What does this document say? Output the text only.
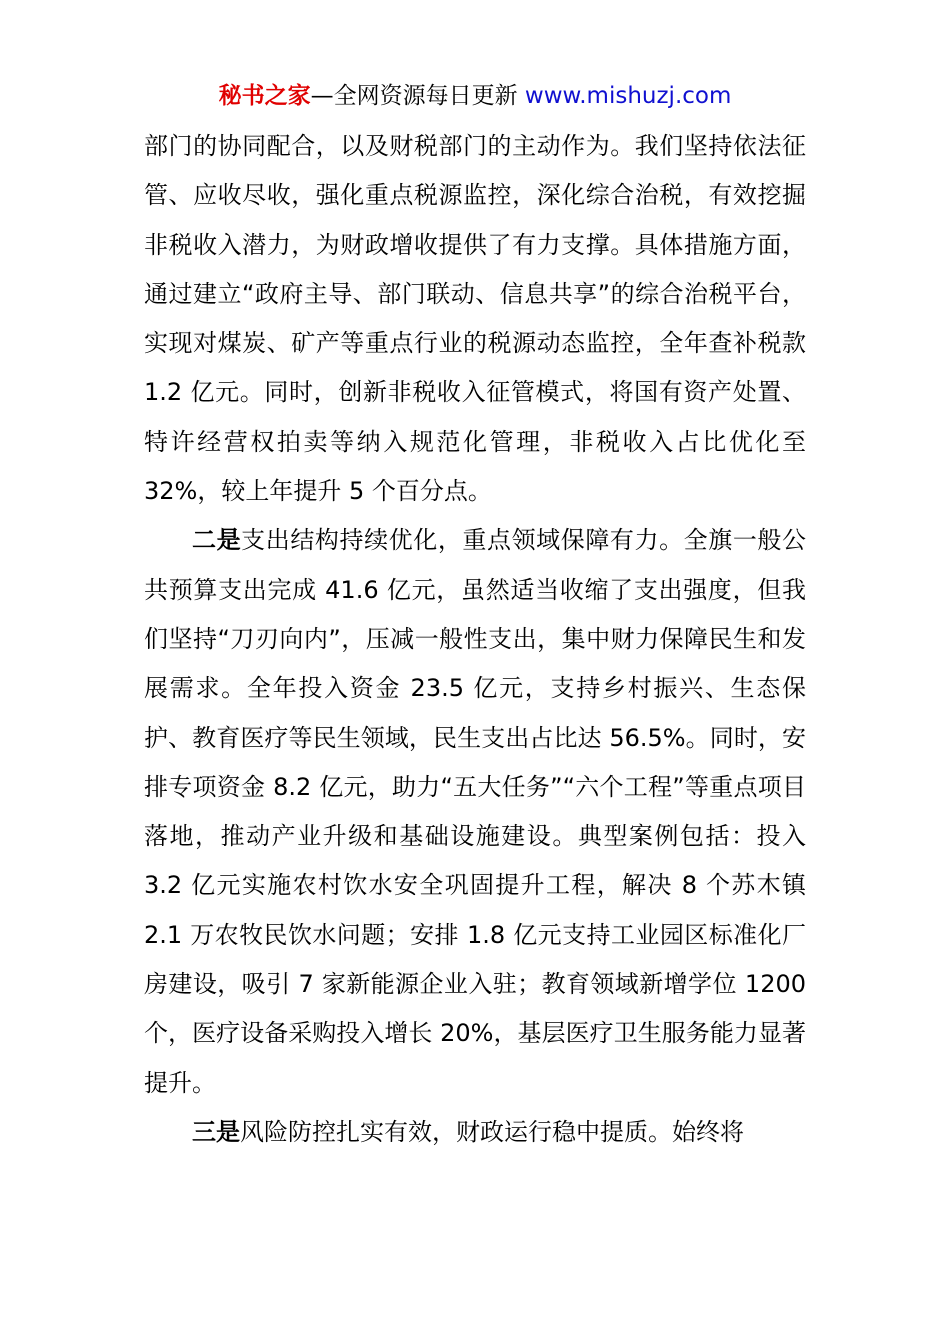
秘书之家—全网资源每日更新 www.mishuzj.com

部门的协同配合，以及财税部门的主动作为。我们坚持依法征管、应收尽收，强化重点税源监控，深化综合治税，有效挖掘非税收入潜力，为财政增收提供了有力支撑。具体措施方面，通过建立“政府主导、部门联动、信息共享”的综合治税平台，实现对煤炭、矿产等重点行业的税源动态监控，全年查补税款 1.2 亿元。同时，创新非税收入征管模式，将国有资产处置、特许经营权拍卖等纳入规范化管理，非税收入占比优化至 32%，较上年提升 5 个百分点。

二是支出结构持续优化，重点领域保障有力。全旗一般公共预算支出完成 41.6 亿元，虽然适当收缩了支出强度，但我们坚持“刀刃向内”，压减一般性支出，集中财力保障民生和发展需求。全年投入资金 23.5 亿元，支持乡村振兴、生态保护、教育医疗等民生领域，民生支出占比达 56.5%。同时，安排专项资金 8.2 亿元，助力“五大任务”“六个工程”等重点项目落地，推动产业升级和基础设施建设。典型案例包括：投入 3.2 亿元实施农村饮水安全巩固提升工程，解决 8 个苏木镇 2.1 万农牧民饮水问题；安排 1.8 亿元支持工业园区标准化厂房建设，吸引 7 家新能源企业入驻；教育领域新增学位 1200 个，医疗设备采购投入增长 20%，基层医疗卫生服务能力显著提升。

三是风险防控扎实有效，财政运行稳中提质。始终将
